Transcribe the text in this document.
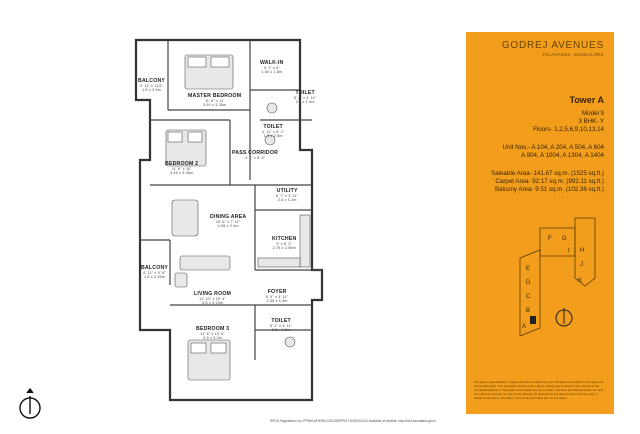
BALCONY
4' 11" x 11'6"
1.5 x 3.5m
MASTER BEDROOM
11' 6" x 11'
3.50 x 3.35m
WALK-IN
5' 3" x 6'
1.60 x 1.8m
TOILET
8' 2" x 4' 11"
2.5 x 1.5m
TOILET
4' 11" x 8' 2"
1.5 x 2.5m
BEDROOM 2
11' 6" x 10'
3.45 x 3.06m
PASS CORRIDOR
4' 1" x 8' 9"
UTILITY
6' 7" x 3' 11"
2.0 x 1.2m
DINING AREA
16' 6" x 7' 11"
4.95 x 2.4m
KITCHEN
9' x 8' 2"
2.75 x 2.56m
BALCONY
6' 11" x 9' 8"
1.5 x 2.95m
LIVING ROOM
11' 10" x 10' 4"
3.6 x 3.15m
FOYER
8' 5" x 4' 11"
2.55 x 1.5m
TOILET
8' 2" x 4' 11"
2.5 x 1.5m
BEDROOM 3
11' 6" x 10' 6"
3.5 x 3.2m
GODREJ AVENUES
YELAHANKA, BANGALORE
Tower A
Model 9
3 BHK- Y
Floors- 1,2,5,6,9,10,13,14
Unit Nos.- A 104, A 204, A 504, A 604
A 904, A 1004, A 1304, A 1404
Saleable Area- 141.67 sq.m. (1525 sq.ft.)
Carpet Area- 92.17 sq.m. (992.11 sq.ft.)
Balcony Area- 9.51 sq.m. (102.36 sq.ft.)
F G
H
I
J
E
D
C
B
A
K
The plans, specifications, images and other details are only indicative and subject to the approval of the authorities. The developer reserves the right to change any of these in the interest of the overall development. The plans and images are not to scale. Furniture and fittings shown are only for reference and are not part of the offering. All dimensions are approximate and may vary in actual construction. Purchaser must verify all details prior to purchase.
RERA Registration No: PRM/KA/RERA/1251/309/PR/171030/002414 available at website: http://rera.karnataka.gov.in
